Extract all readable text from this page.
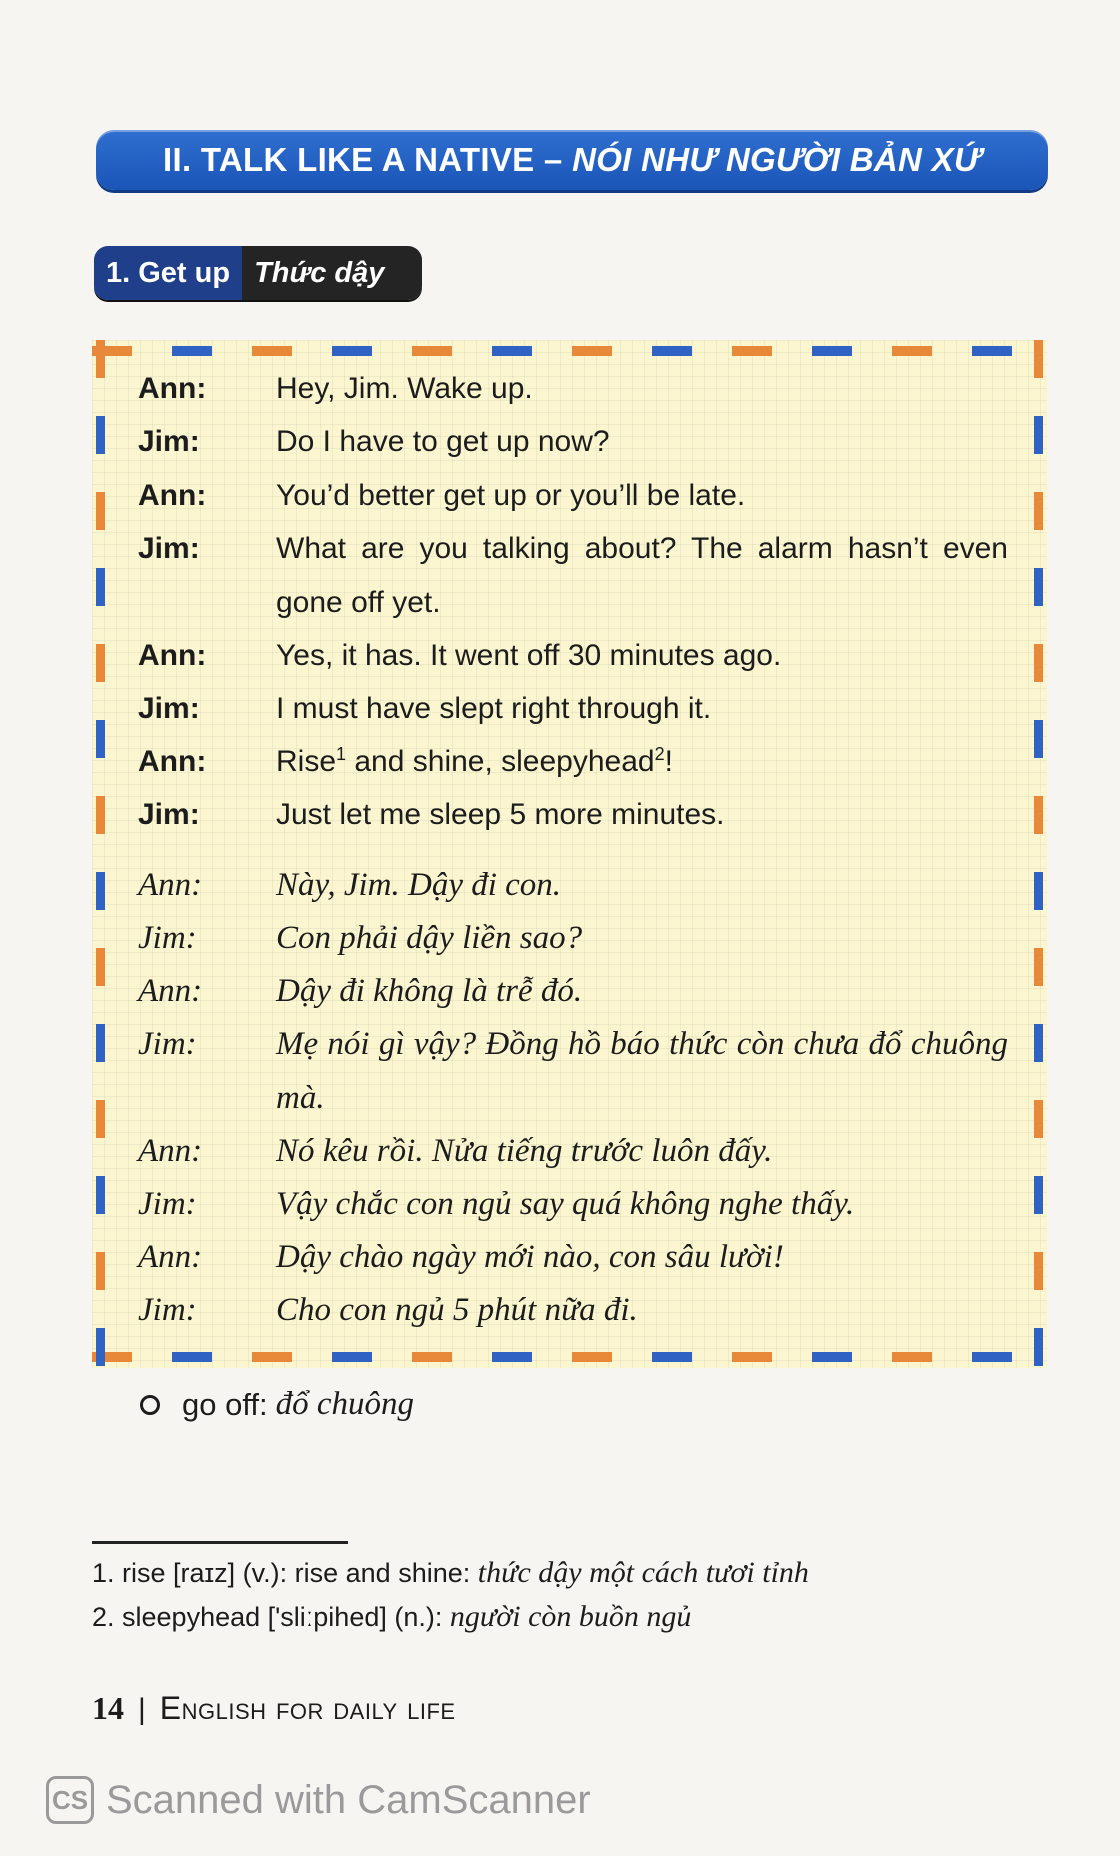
II. TALK LIKE A NATIVE – NÓI NHƯ NGƯỜI BẢN XỨ
1. Get up Thức dậy
Ann:	Hey, Jim. Wake up.
Jim:	Do I have to get up now?
Ann:	You’d better get up or you’ll be late.
Jim:	What are you talking about? The alarm hasn’t even gone off yet.
Ann:	Yes, it has. It went off 30 minutes ago.
Jim:	I must have slept right through it.
Ann:	Rise$^1$ and shine, sleepyhead$^2$!
Jim:	Just let me sleep 5 more minutes.
Ann:	Này, Jim. Dậy đi con.
Jim:	Con phải dậy liền sao?
Ann:	Dậy đi không là trễ đó.
Jim:	Mẹ nói gì vậy? Đồng hồ báo thức còn chưa đổ chuông mà.
Ann:	Nó kêu rồi. Nửa tiếng trước luôn đấy.
Jim:	Vậy chắc con ngủ say quá không nghe thấy.
Ann:	Dậy chào ngày mới nào, con sâu lười!
Jim:	Cho con ngủ 5 phút nữa đi.
go off: đổ chuông
1. rise [raɪz] (v.): rise and shine: thức dậy một cách tươi tỉnh
2. sleepyhead ['sliːpihed] (n.): người còn buồn ngủ
14 | English for daily life
CS Scanned with CamScanner
